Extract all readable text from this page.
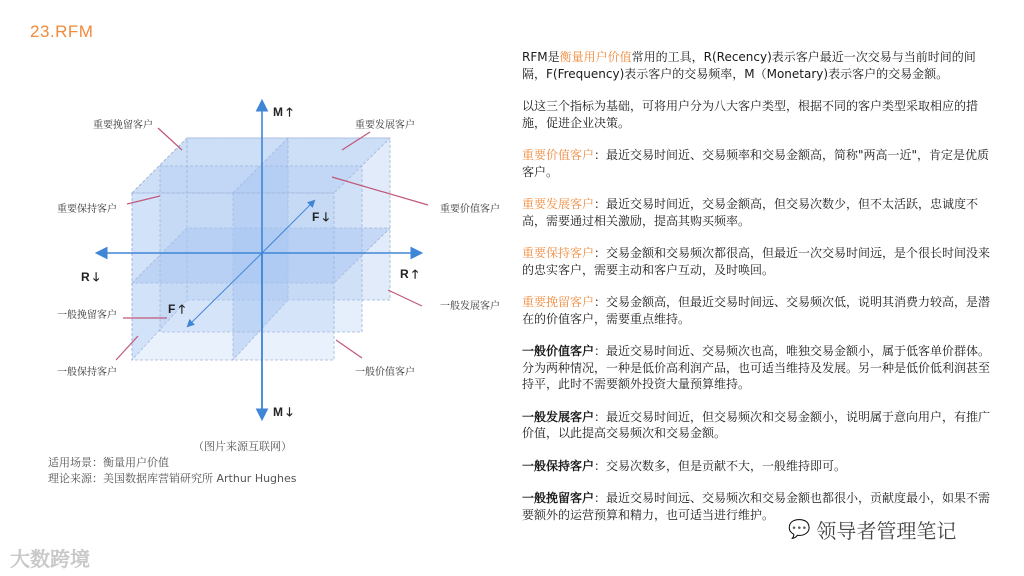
23.RFM
重要挽留客户	重要发展客户
重要保持客户	重要价值客户
一般挽留客户
一般发展客户
一般保持客户	一般价值客户
M 🡑
M 🡓
R 🡓	R 🡑
F 🡓
F 🡑
（图片来源互联网）
适用场景：衡量用户价值
理论来源：美国数据库营销研究所 Arthur Hughes

RFM是衡量用户价值常用的工具，R(Recency)表示客户最近一次交易与当前时间的间隔，F(Frequency)表示客户的交易频率，M（Monetary)表示客户的交易金额。

以这三个指标为基础，可将用户分为八大客户类型，根据不同的客户类型采取相应的措施，促进企业决策。

重要价值客户：最近交易时间近、交易频率和交易金额高，简称"两高一近"，肯定是优质客户。

重要发展客户：最近交易时间近，交易金额高，但交易次数少，但不太活跃，忠诚度不高，需要通过相关激励，提高其购买频率。

重要保持客户：交易金额和交易频次都很高，但最近一次交易时间远，是个很长时间没来的忠实客户，需要主动和客户互动，及时唤回。

重要挽留客户：交易金额高，但最近交易时间远、交易频次低，说明其消费力较高，是潜在的价值客户，需要重点维持。

一般价值客户：最近交易时间近、交易频次也高，唯独交易金额小，属于低客单价群体。分为两种情况，一种是低价高利润产品，也可适当维持及发展。另一种是低价低利润甚至持平，此时不需要额外投资大量预算维持。

一般发展客户：最近交易时间近，但交易频次和交易金额小，说明属于意向用户，有推广价值，以此提高交易频次和交易金额。

一般保持客户：交易次数多，但是贡献不大，一般维持即可。

一般挽留客户：最近交易时间远、交易频次和交易金额也都很小，贡献度最小，如果不需要额外的运营预算和精力，也可适当进行维护。

大数跨境
💬 领导者管理笔记
